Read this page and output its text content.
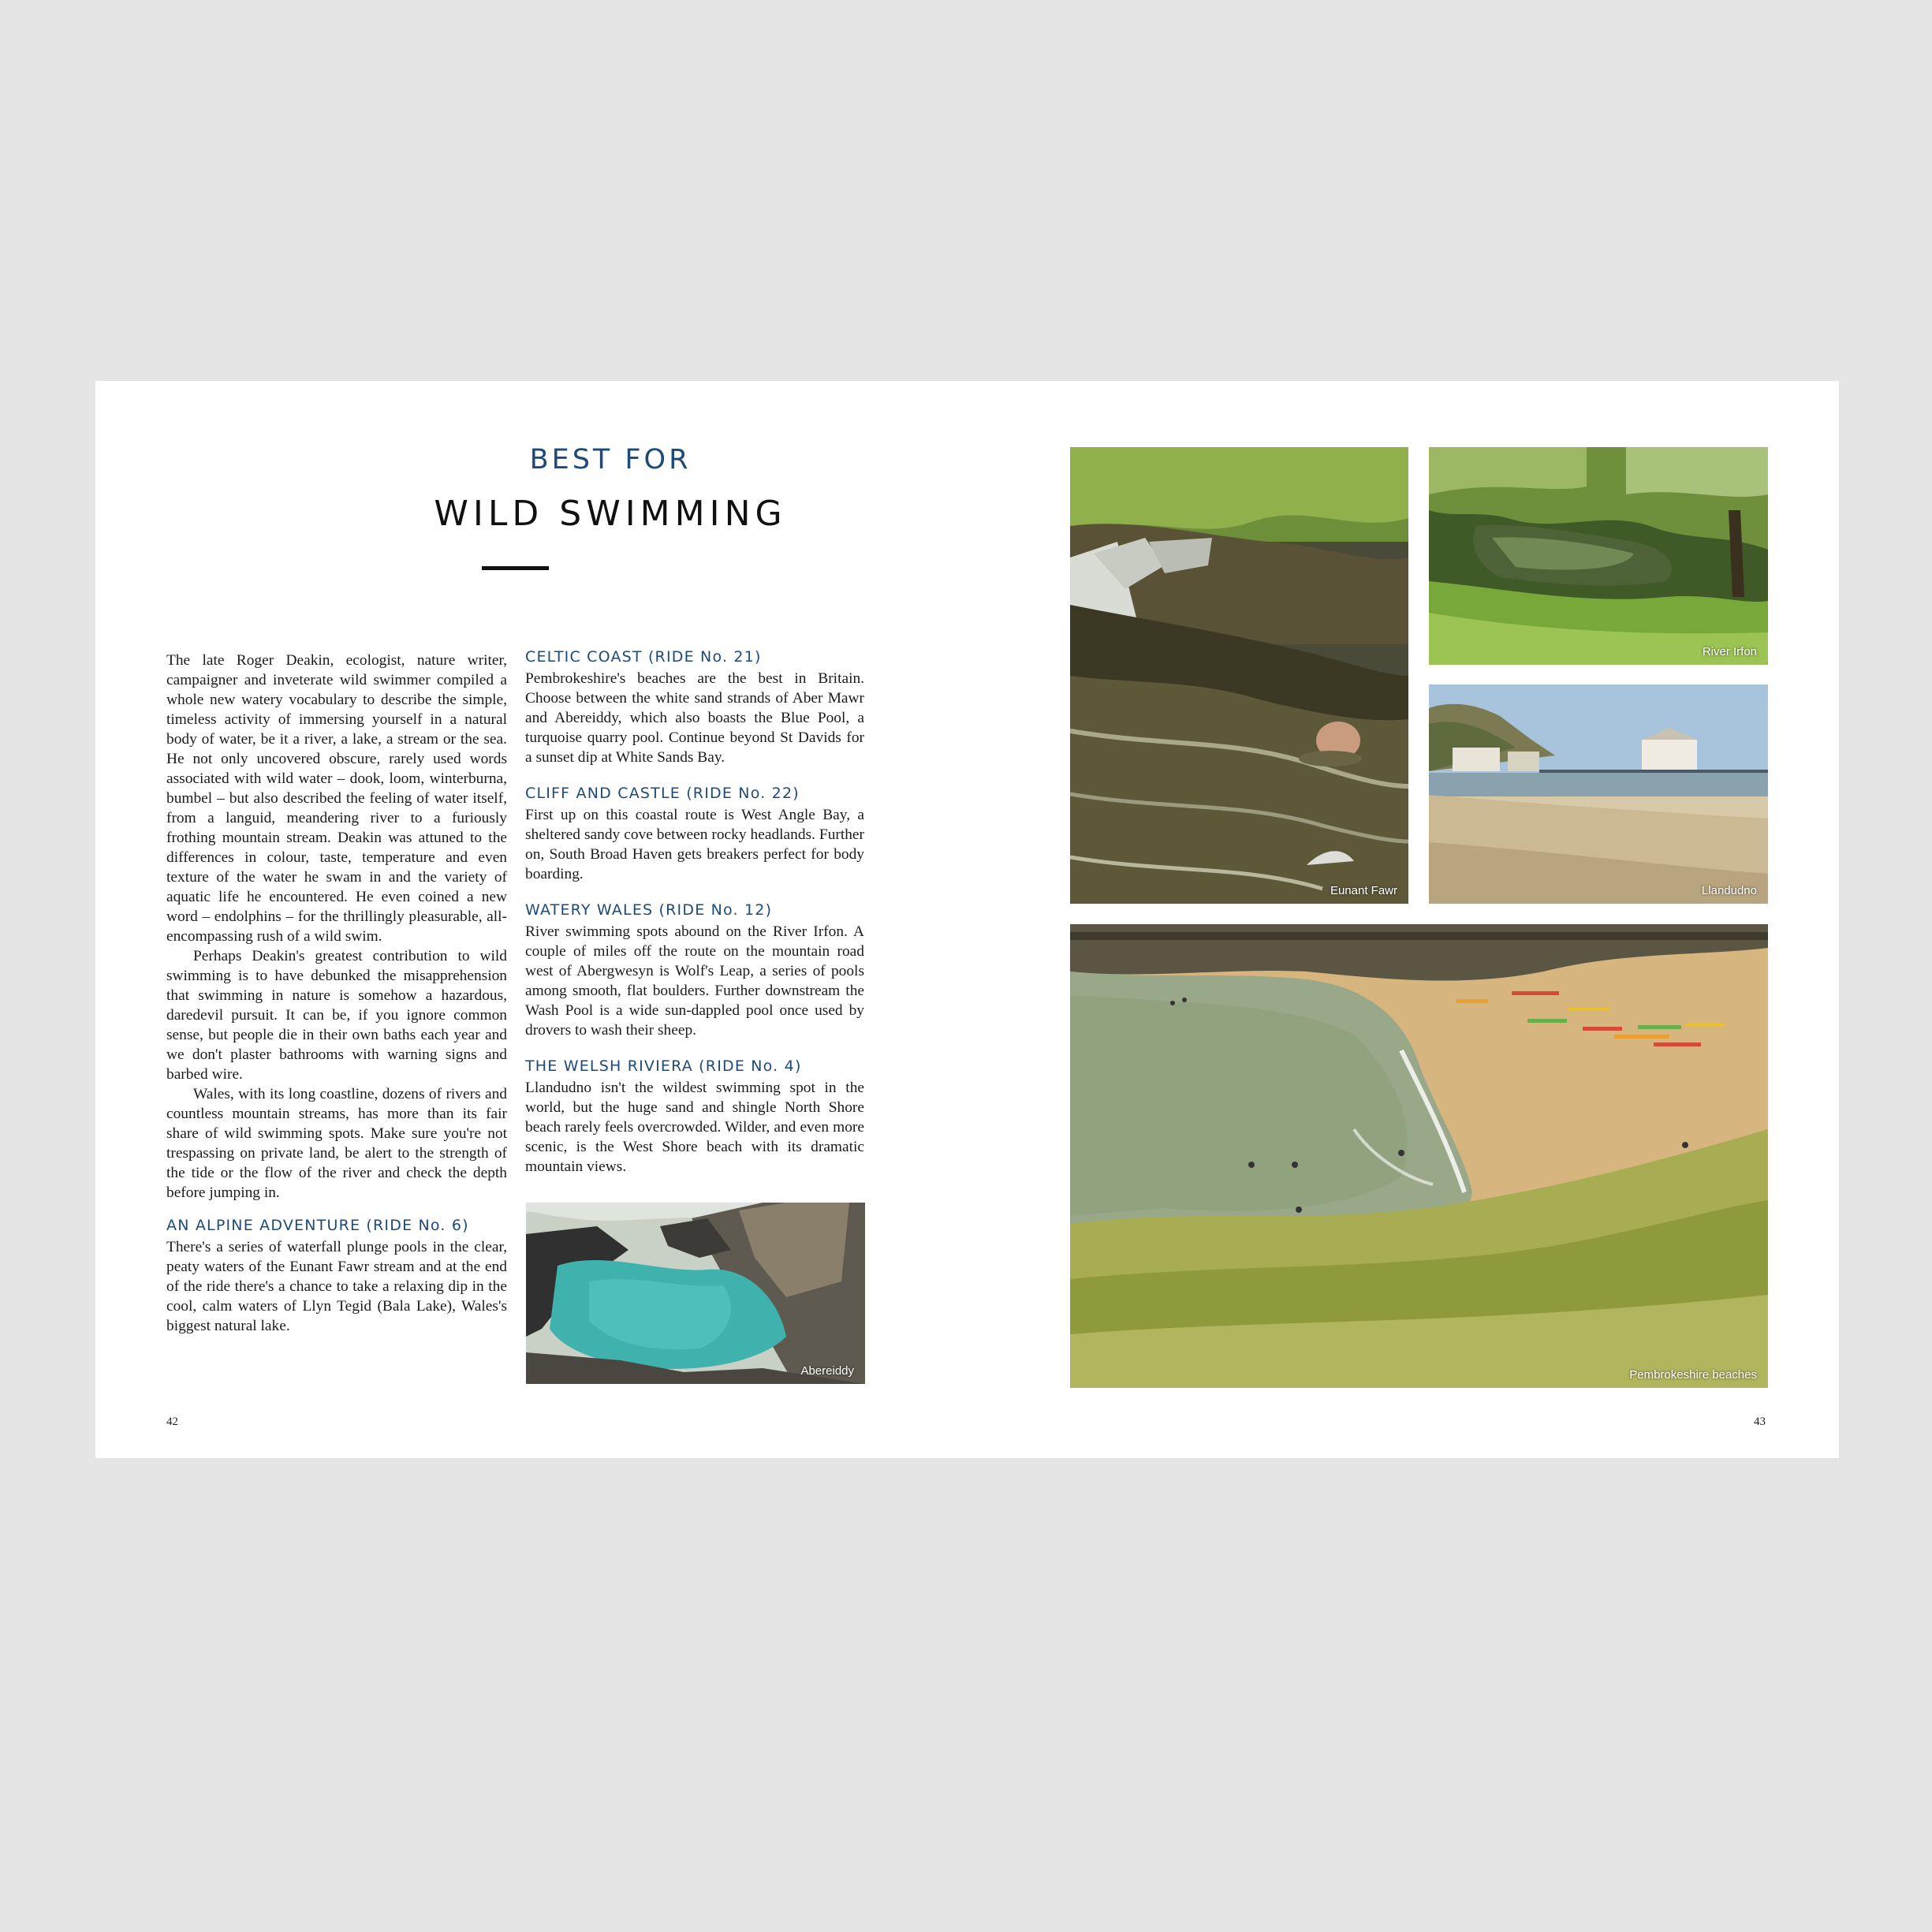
BEST FOR
WILD SWIMMING

The late Roger Deakin, ecologist, nature writer, campaigner and inveterate wild swimmer compiled a whole new watery vocabulary to describe the simple, timeless activity of immersing yourself in a natural body of water, be it a river, a lake, a stream or the sea. He not only uncovered obscure, rarely used words associated with wild water – dook, loom, winterburna, bumbel – but also described the feeling of water itself, from a languid, meandering river to a furiously frothing mountain stream. Deakin was attuned to the differences in colour, taste, temperature and even texture of the water he swam in and the variety of aquatic life he encountered. He even coined a new word – endolphins – for the thrillingly pleasurable, all-encompassing rush of a wild swim.

Perhaps Deakin's greatest contribution to wild swimming is to have debunked the misapprehension that swimming in nature is somehow a hazardous, daredevil pursuit. It can be, if you ignore common sense, but people die in their own baths each year and we don't plaster bathrooms with warning signs and barbed wire.

Wales, with its long coastline, dozens of rivers and countless mountain streams, has more than its fair share of wild swimming spots. Make sure you're not trespassing on private land, be alert to the strength of the tide or the flow of the river and check the depth before jumping in.

AN ALPINE ADVENTURE (RIDE No. 6)

There's a series of waterfall plunge pools in the clear, peaty waters of the Eunant Fawr stream and at the end of the ride there's a chance to take a relaxing dip in the cool, calm waters of Llyn Tegid (Bala Lake), Wales's biggest natural lake.

CELTIC COAST (RIDE No. 21)

Pembrokeshire's beaches are the best in Britain. Choose between the white sand strands of Aber Mawr and Abereiddy, which also boasts the Blue Pool, a turquoise quarry pool. Continue beyond St Davids for a sunset dip at White Sands Bay.

CLIFF AND CASTLE (RIDE No. 22)

First up on this coastal route is West Angle Bay, a sheltered sandy cove between rocky headlands. Further on, South Broad Haven gets breakers perfect for body boarding.

WATERY WALES (RIDE No. 12)

River swimming spots abound on the River Irfon. A couple of miles off the route on the mountain road west of Abergwesyn is Wolf's Leap, a series of pools among smooth, flat boulders. Further downstream the Wash Pool is a wide sun-dappled pool once used by drovers to wash their sheep.

THE WELSH RIVIERA (RIDE No. 4)

Llandudno isn't the wildest swimming spot in the world, but the huge sand and shingle North Shore beach rarely feels overcrowded. Wilder, and even more scenic, is the West Shore beach with its dramatic mountain views.

Abereiddy
42
Eunant Fawr
River Irfon
Llandudno
Pembrokeshire beaches
43
